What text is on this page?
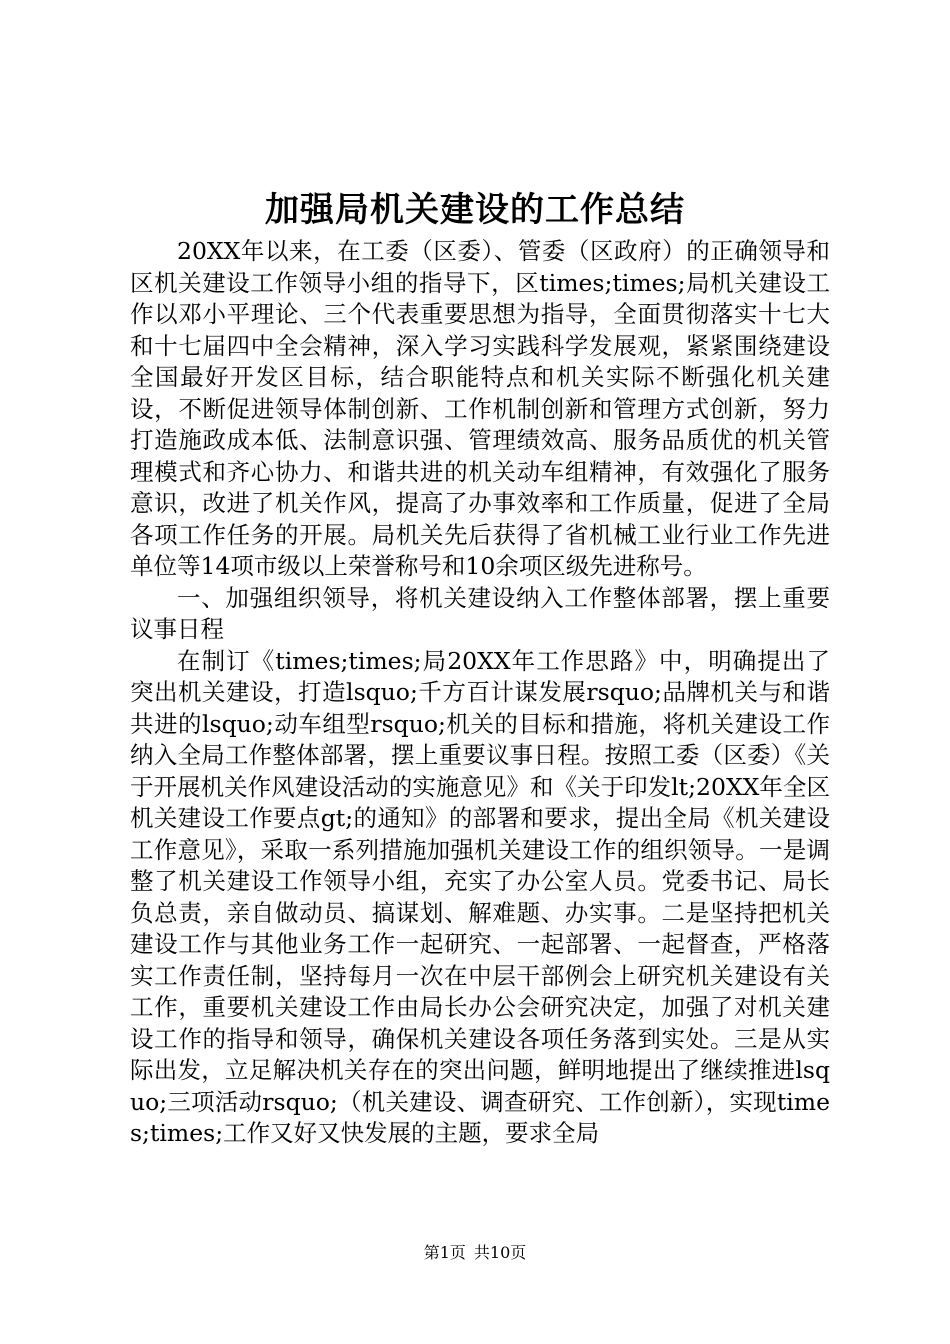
加强局机关建设的工作总结

20XX年以来，在工委（区委）、管委（区政府）的正确领导和区机关建设工作领导小组的指导下，区times;times;局机关建设工作以邓小平理论、三个代表重要思想为指导，全面贯彻落实十七大和十七届四中全会精神，深入学习实践科学发展观，紧紧围绕建设全国最好开发区目标，结合职能特点和机关实际不断强化机关建设，不断促进领导体制创新、工作机制创新和管理方式创新，努力打造施政成本低、法制意识强、管理绩效高、服务品质优的机关管理模式和齐心协力、和谐共进的机关动车组精神，有效强化了服务意识，改进了机关作风，提高了办事效率和工作质量，促进了全局各项工作任务的开展。局机关先后获得了省机械工业行业工作先进单位等14项市级以上荣誉称号和10余项区级先进称号。

一、加强组织领导，将机关建设纳入工作整体部署，摆上重要议事日程

在制订《times;times;局20XX年工作思路》中，明确提出了突出机关建设，打造lsquo;千方百计谋发展rsquo;品牌机关与和谐共进的lsquo;动车组型rsquo;机关的目标和措施，将机关建设工作纳入全局工作整体部署，摆上重要议事日程。按照工委（区委）《关于开展机关作风建设活动的实施意见》和《关于印发lt;20XX年全区机关建设工作要点gt;的通知》的部署和要求，提出全局《机关建设工作意见》，采取一系列措施加强机关建设工作的组织领导。一是调整了机关建设工作领导小组，充实了办公室人员。党委书记、局长负总责，亲自做动员、搞谋划、解难题、办实事。二是坚持把机关建设工作与其他业务工作一起研究、一起部署、一起督查，严格落实工作责任制，坚持每月一次在中层干部例会上研究机关建设有关工作，重要机关建设工作由局长办公会研究决定，加强了对机关建设工作的指导和领导，确保机关建设各项任务落到实处。三是从实际出发，立足解决机关存在的突出问题，鲜明地提出了继续推进lsquo;三项活动rsquo;（机关建设、调查研究、工作创新），实现times;times;工作又好又快发展的主题，要求全局

第1页 共10页
